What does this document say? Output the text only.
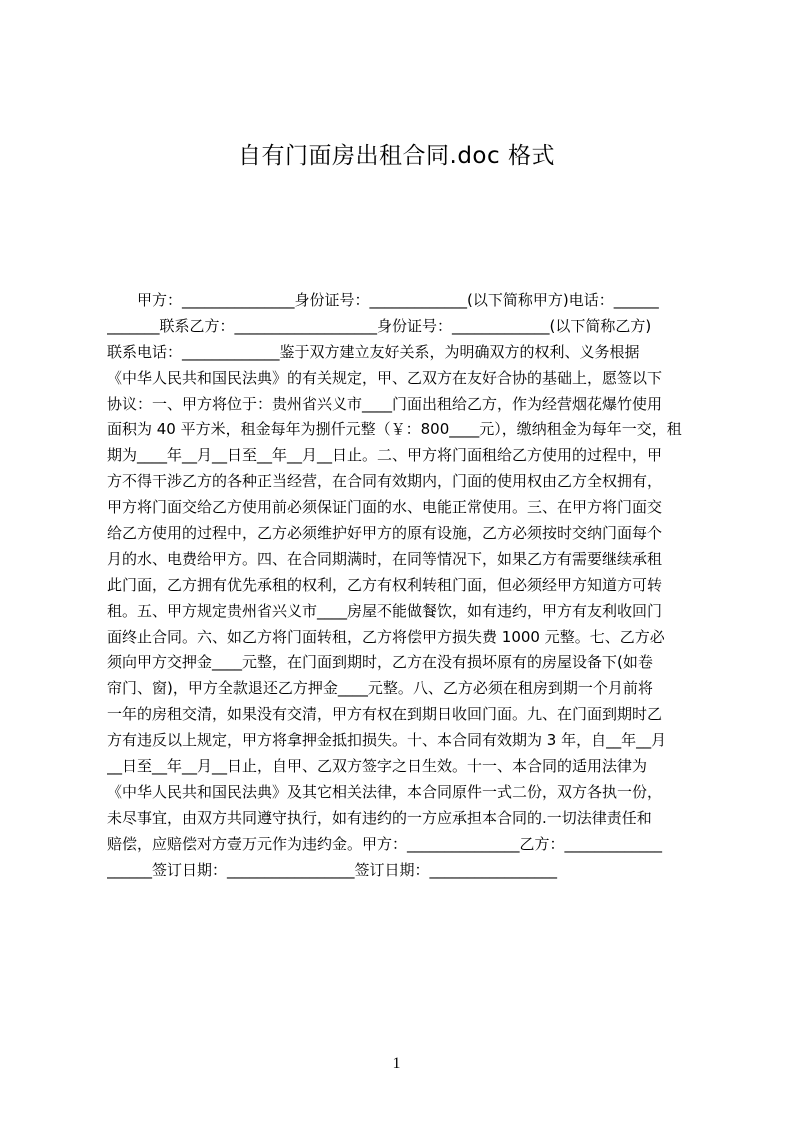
自有门面房出租合同.doc 格式
　　甲方：_______________身份证号：_____________(以下简称甲方)电话：______
_______联系乙方：___________________身份证号：_____________(以下简称乙方)
联系电话：_____________鉴于双方建立友好关系，为明确双方的权利、义务根据
《中华人民共和国民法典》的有关规定，甲、乙双方在友好合协的基础上，愿签以下
协议：一、甲方将位于：贵州省兴义市____门面出租给乙方，作为经营烟花爆竹使用
面积为 40 平方米，租金每年为捌仟元整（￥：800____元），缴纳租金为每年一交，租
期为____年__月__日至__年__月__日止。二、甲方将门面租给乙方使用的过程中，甲
方不得干涉乙方的各种正当经营，在合同有效期内，门面的使用权由乙方全权拥有，
甲方将门面交给乙方使用前必须保证门面的水、电能正常使用。三、在甲方将门面交
给乙方使用的过程中，乙方必须维护好甲方的原有设施，乙方必须按时交纳门面每个
月的水、电费给甲方。四、在合同期满时，在同等情况下，如果乙方有需要继续承租
此门面，乙方拥有优先承租的权利，乙方有权利转租门面，但必须经甲方知道方可转
租。五、甲方规定贵州省兴义市____房屋不能做餐饮，如有违约，甲方有友利收回门
面终止合同。六、如乙方将门面转租，乙方将偿甲方损失费 1000 元整。七、乙方必
须向甲方交押金____元整，在门面到期时，乙方在没有损坏原有的房屋设备下(如卷
帘门、窗)，甲方全款退还乙方押金____元整。八、乙方必须在租房到期一个月前将
一年的房租交清，如果没有交清，甲方有权在到期日收回门面。九、在门面到期时乙
方有违反以上规定，甲方将拿押金抵扣损失。十、本合同有效期为 3 年，自__年__月
__日至__年__月__日止，自甲、乙双方签字之日生效。十一、本合同的适用法律为
《中华人民共和国民法典》及其它相关法律，本合同原件一式二份，双方各执一份，
未尽事宜，由双方共同遵守执行，如有违约的一方应承担本合同的.一切法律责任和
赔偿，应赔偿对方壹万元作为违约金。甲方：_______________乙方：_____________
______签订日期：_________________签订日期：_________________
1
